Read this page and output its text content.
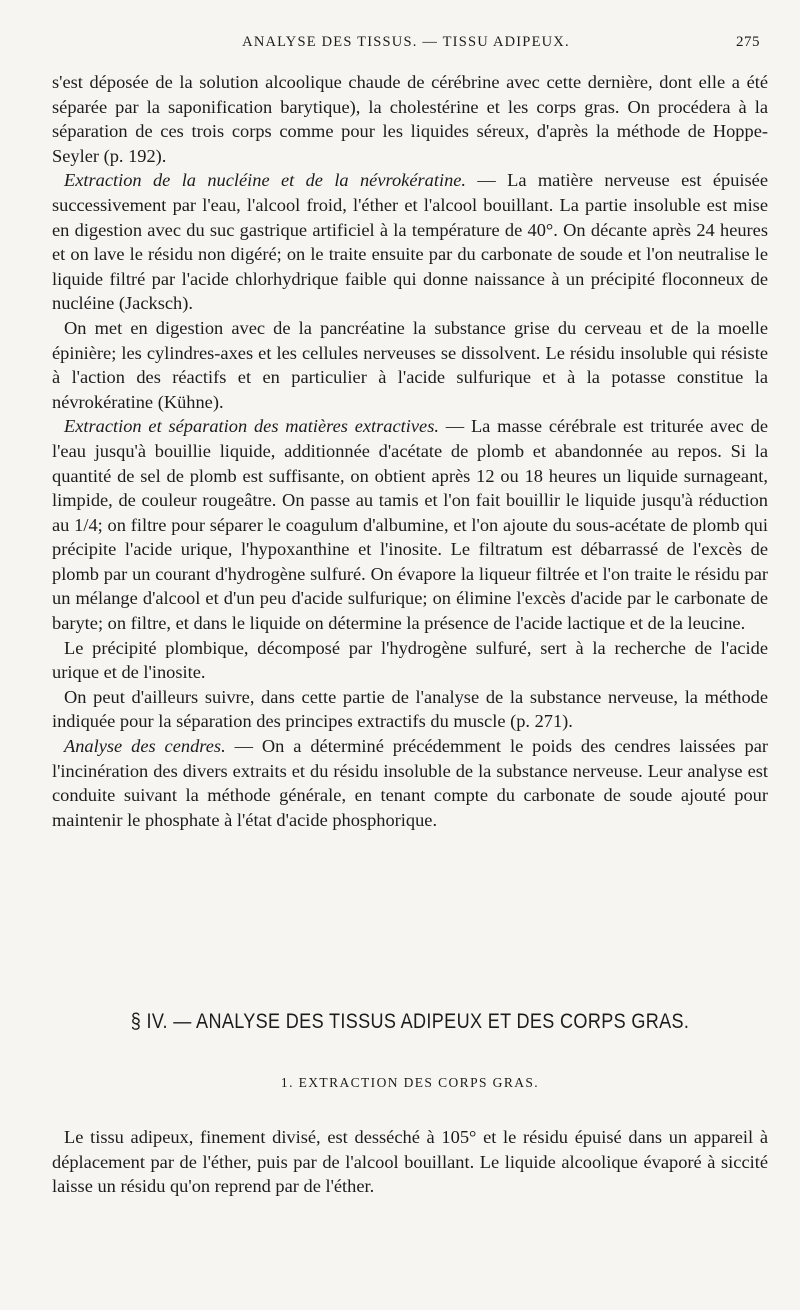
ANALYSE DES TISSUS. — TISSU ADIPEUX.	275

s'est déposée de la solution alcoolique chaude de cérébrine avec cette dernière, dont elle a été séparée par la saponification barytique), la cholestérine et les corps gras. On procédera à la séparation de ces trois corps comme pour les liquides séreux, d'après la méthode de Hoppe-Seyler (p. 192).

Extraction de la nucléine et de la névrokératine. — La matière nerveuse est épuisée successivement par l'eau, l'alcool froid, l'éther et l'alcool bouillant. La partie insoluble est mise en digestion avec du suc gastrique artificiel à la température de 40°. On décante après 24 heures et on lave le résidu non digéré; on le traite ensuite par du carbonate de soude et l'on neutralise le liquide filtré par l'acide chlorhydrique faible qui donne naissance à un précipité floconneux de nucléine (Jacksch).

On met en digestion avec de la pancréatine la substance grise du cerveau et de la moelle épinière; les cylindres-axes et les cellules nerveuses se dissolvent. Le résidu insoluble qui résiste à l'action des réactifs et en particulier à l'acide sulfurique et à la potasse constitue la névrokératine (Kühne).

Extraction et séparation des matières extractives. — La masse cérébrale est triturée avec de l'eau jusqu'à bouillie liquide, additionnée d'acétate de plomb et abandonnée au repos. Si la quantité de sel de plomb est suffisante, on obtient après 12 ou 18 heures un liquide surnageant, limpide, de couleur rougeâtre. On passe au tamis et l'on fait bouillir le liquide jusqu'à réduction au 1/4; on filtre pour séparer le coagulum d'albumine, et l'on ajoute du sous-acétate de plomb qui précipite l'acide urique, l'hypoxanthine et l'inosite. Le filtratum est débarrassé de l'excès de plomb par un courant d'hydrogène sulfuré. On évapore la liqueur filtrée et l'on traite le résidu par un mélange d'alcool et d'un peu d'acide sulfurique; on élimine l'excès d'acide par le carbonate de baryte; on filtre, et dans le liquide on détermine la présence de l'acide lactique et de la leucine.

Le précipité plombique, décomposé par l'hydrogène sulfuré, sert à la recherche de l'acide urique et de l'inosite.

On peut d'ailleurs suivre, dans cette partie de l'analyse de la substance nerveuse, la méthode indiquée pour la séparation des principes extractifs du muscle (p. 271).

Analyse des cendres. — On a déterminé précédemment le poids des cendres laissées par l'incinération des divers extraits et du résidu insoluble de la substance nerveuse. Leur analyse est conduite suivant la méthode générale, en tenant compte du carbonate de soude ajouté pour maintenir le phosphate à l'état d'acide phosphorique.

§ IV. — ANALYSE DES TISSUS ADIPEUX ET DES CORPS GRAS.
1. EXTRACTION DES CORPS GRAS.

Le tissu adipeux, finement divisé, est desséché à 105° et le résidu épuisé dans un appareil à déplacement par de l'éther, puis par de l'alcool bouillant. Le liquide alcoolique évaporé à siccité laisse un résidu qu'on reprend par de l'éther.
